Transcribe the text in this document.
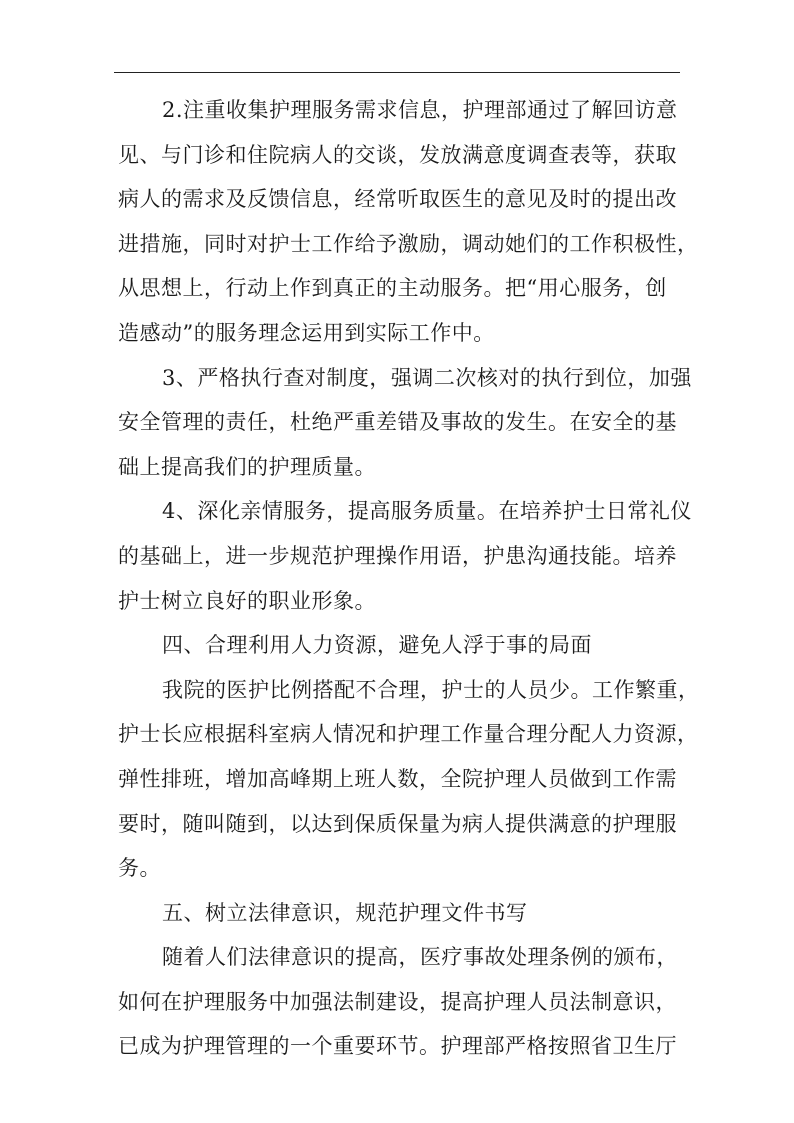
2.注重收集护理服务需求信息，护理部通过了解回访意
见、与门诊和住院病人的交谈，发放满意度调查表等，获取
病人的需求及反馈信息，经常听取医生的意见及时的提出改
进措施，同时对护士工作给予激励，调动她们的工作积极性，
从思想上，行动上作到真正的主动服务。把“用心服务，创
造感动”的服务理念运用到实际工作中。
3、严格执行查对制度，强调二次核对的执行到位，加强
安全管理的责任，杜绝严重差错及事故的发生。在安全的基
础上提高我们的护理质量。
4、深化亲情服务，提高服务质量。在培养护士日常礼仪
的基础上，进一步规范护理操作用语，护患沟通技能。培养
护士树立良好的职业形象。
四、合理利用人力资源，避免人浮于事的局面
我院的医护比例搭配不合理，护士的人员少。工作繁重，
护士长应根据科室病人情况和护理工作量合理分配人力资源，
弹性排班，增加高峰期上班人数，全院护理人员做到工作需
要时，随叫随到，以达到保质保量为病人提供满意的护理服
务。
五、树立法律意识，规范护理文件书写
随着人们法律意识的提高，医疗事故处理条例的颁布，
如何在护理服务中加强法制建设，提高护理人员法制意识，
已成为护理管理的一个重要环节。护理部严格按照省卫生厅
